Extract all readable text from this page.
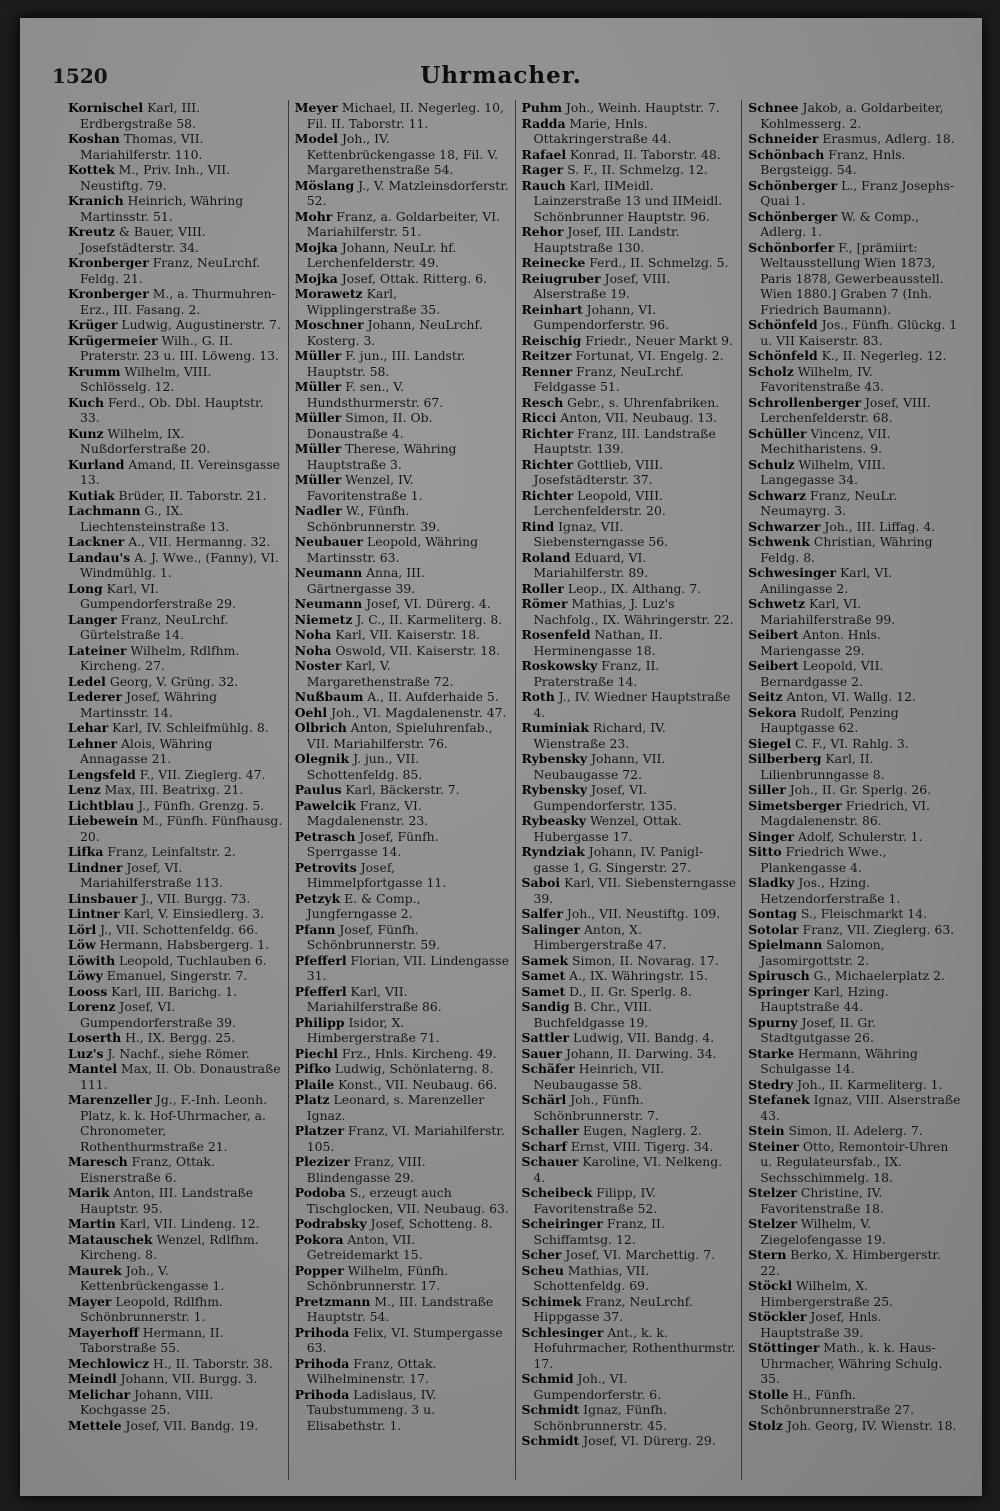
1520	Uhrmacher.
Kornischel Karl, III. Erdbergstraße 58.
Koshan Thomas, VII. Mariahilferstr. 110.
Kottek M., Priv. Inh., VII. Neustiftg. 79.
Kranich Heinrich, Währing Martinsstr. 51.
Kreutz & Bauer, VIII. Josefstädterstr. 34.
Kronberger Franz, NeuLrchf. Feldg. 21.
Kronberger M., a. Thurmuhren-Erz., III. Fasang. 2.
Krüger Ludwig, Augustinerstr. 7.
Krügermeier Wilh., G. II. Praterstr. 23 u. III. Löweng. 13.
Krumm Wilhelm, VIII. Schlösselg. 12.
Kuch Ferd., Ob. Dbl. Hauptstr. 33.
Kunz Wilhelm, IX. Nußdorferstraße 20.
Kurland Amand, II. Vereinsgasse 13.
Kutiak Brüder, II. Taborstr. 21.
Lachmann G., IX. Liechtensteinstraße 13.
Lackner A., VII. Hermanng. 32.
Landau's A. J. Wwe., (Fanny), VI. Windmühlg. 1.
Long Karl, VI. Gumpendorferstraße 29.
Langer Franz, NeuLrchf. Gürtelstraße 14.
Lateiner Wilhelm, Rdlfhm. Kircheng. 27.
Ledel Georg, V. Grüng. 32.
Lederer Josef, Währing Martinsstr. 14.
Lehar Karl, IV. Schleifmühlg. 8.
Lehner Alois, Währing Annagasse 21.
Lengsfeld F., VII. Zieglerg. 47.
Lenz Max, III. Beatrixg. 21.
Lichtblau J., Fünfh. Grenzg. 5.
Liebewein M., Fünfh. Fünfhausg. 20.
Lifka Franz, Leinfaltstr. 2.
Lindner Josef, VI. Mariahilferstraße 113.
Linsbauer J., VII. Burgg. 73.
Lintner Karl, V. Einsiedlerg. 3.
Lörl J., VII. Schottenfeldg. 66.
Löw Hermann, Habsbergerg. 1.
Löwith Leopold, Tuchlauben 6.
Löwy Emanuel, Singerstr. 7.
Looss Karl, III. Barichg. 1.
Lorenz Josef, VI. Gumpendorferstraße 39.
Loserth H., IX. Bergg. 25.
Luz's J. Nachf., siehe Römer.
Mantel Max, II. Ob. Donaustraße 111.
Marenzeller Jg., F.-Inh. Leonh. Platz, k. k. Hof-Uhrmacher, a. Chronometer, Rothenthurmstraße 21.
Maresch Franz, Ottak. Eisnerstraße 6.
Marik Anton, III. Landstraße Hauptstr. 95.
Martin Karl, VII. Lindeng. 12.
Matauschek Wenzel, Rdlfhm. Kircheng. 8.
Maurek Joh., V. Kettenbrückengasse 1.
Mayer Leopold, Rdlfhm. Schönbrunnerstr. 1.
Mayerhoff Hermann, II. Taborstraße 55.
Mechlowicz H., II. Taborstr. 38.
Meindl Johann, VII. Burgg. 3.
Melichar Johann, VIII. Kochgasse 25.
Mettele Josef, VII. Bandg. 19.
Meyer Michael, II. Negerleg. 10, Fil. II. Taborstr. 11.
Model Joh., IV. Kettenbrückengasse 18, Fil. V. Margarethenstraße 54.
Möslang J., V. Matzleinsdorferstr. 52.
Mohr Franz, a. Goldarbeiter, VI. Mariahilferstr. 51.
Mojka Johann, NeuLr. hf. Lerchenfelderstr. 49.
Mojka Josef, Ottak. Ritterg. 6.
Morawetz Karl, Wipplingerstraße 35.
Moschner Johann, NeuLrchf. Kosterg. 3.
Müller F. jun., III. Landstr. Hauptstr. 58.
Müller F. sen., V. Hundsthurmerstr. 67.
Müller Simon, II. Ob. Donaustraße 4.
Müller Therese, Währing Hauptstraße 3.
Müller Wenzel, IV. Favoritenstraße 1.
Nadler W., Fünfh. Schönbrunnerstr. 39.
Neubauer Leopold, Währing Martinsstr. 63.
Neumann Anna, III. Gärtnergasse 39.
Neumann Josef, VI. Dürerg. 4.
Niemetz J. C., II. Karmeliterg. 8.
Noha Karl, VII. Kaiserstr. 18.
Noha Oswold, VII. Kaiserstr. 18.
Noster Karl, V. Margarethenstraße 72.
Nußbaum A., II. Aufderhaide 5.
Oehl Joh., VI. Magdalenenstr. 47.
Olbrich Anton, Spieluhrenfab., VII. Mariahilferstr. 76.
Olegnik J. jun., VII. Schottenfeldg. 85.
Paulus Karl, Bäckerstr. 7.
Pawelcik Franz, VI. Magdalenenstr. 23.
Petrasch Josef, Fünfh. Sperrgasse 14.
Petrovits Josef, Himmelpfortgasse 11.
Petzyk E. & Comp., Jungferngasse 2.
Pfann Josef, Fünfh. Schönbrunnerstr. 59.
Pfefferl Florian, VII. Lindengasse 31.
Pfefferl Karl, VII. Mariahilferstraße 86.
Philipp Isidor, X. Himbergerstraße 71.
Piechl Frz., Hnls. Kircheng. 49.
Pifko Ludwig, Schönlaterng. 8.
Plaile Konst., VII. Neubaug. 66.
Platz Leonard, s. Marenzeller Ignaz.
Platzer Franz, VI. Mariahilferstr. 105.
Plezizer Franz, VIII. Blindengasse 29.
Podoba S., erzeugt auch Tischglocken, VII. Neubaug. 63.
Podrabsky Josef, Schotteng. 8.
Pokora Anton, VII. Getreidemarkt 15.
Popper Wilhelm, Fünfh. Schönbrunnerstr. 17.
Pretzmann M., III. Landstraße Hauptstr. 54.
Prihoda Felix, VI. Stumpergasse 63.
Prihoda Franz, Ottak. Wilhelminenstr. 17.
Prihoda Ladislaus, IV. Taubstummeng. 3 u. Elisabethstr. 1.
Puhm Joh., Weinh. Hauptstr. 7.
Radda Marie, Hnls. Ottakringerstraße 44.
Rafael Konrad, II. Taborstr. 48.
Rager S. F., II. Schmelzg. 12.
Rauch Karl, IIMeidl. Lainzerstraße 13 und IIMeidl. Schönbrunner Hauptstr. 96.
Rehor Josef, III. Landstr. Hauptstraße 130.
Reinecke Ferd., II. Schmelzg. 5.
Reiugruber Josef, VIII. Alserstraße 19.
Reinhart Johann, VI. Gumpendorferstr. 96.
Reischig Friedr., Neuer Markt 9.
Reitzer Fortunat, VI. Engelg. 2.
Renner Franz, NeuLrchf. Feldgasse 51.
Resch Gebr., s. Uhrenfabriken.
Ricci Anton, VII. Neubaug. 13.
Richter Franz, III. Landstraße Hauptstr. 139.
Richter Gottlieb, VIII. Josefstädterstr. 37.
Richter Leopold, VIII. Lerchenfelderstr. 20.
Rind Ignaz, VII. Siebensterngasse 56.
Roland Eduard, VI. Mariahilferstr. 89.
Roller Leop., IX. Althang. 7.
Römer Mathias, J. Luz's Nachfolg., IX. Währingerstr. 22.
Rosenfeld Nathan, II. Herminengasse 18.
Roskowsky Franz, II. Praterstraße 14.
Roth J., IV. Wiedner Hauptstraße 4.
Ruminiak Richard, IV. Wienstraße 23.
Rybensky Johann, VII. Neubaugasse 72.
Rybensky Josef, VI. Gumpendorferstr. 135.
Rybeasky Wenzel, Ottak. Hubergasse 17.
Ryndziak Johann, IV. Panigl-gasse 1, G. Singerstr. 27.
Saboi Karl, VII. Siebensterngasse 39.
Salfer Joh., VII. Neustiftg. 109.
Salinger Anton, X. Himbergerstraße 47.
Samek Simon, II. Novarag. 17.
Samet A., IX. Währingstr. 15.
Samet D., II. Gr. Sperlg. 8.
Sandig B. Chr., VIII. Buchfeldgasse 19.
Sattler Ludwig, VII. Bandg. 4.
Sauer Johann, II. Darwing. 34.
Schäfer Heinrich, VII. Neubaugasse 58.
Schärl Joh., Fünfh. Schönbrunnerstr. 7.
Schaller Eugen, Naglerg. 2.
Scharf Ernst, VIII. Tigerg. 34.
Schauer Karoline, VI. Nelkeng. 4.
Scheibeck Filipp, IV. Favoritenstraße 52.
Scheiringer Franz, II. Schiffamtsg. 12.
Scher Josef, VI. Marchettig. 7.
Scheu Mathias, VII. Schottenfeldg. 69.
Schimek Franz, NeuLrchf. Hippgasse 37.
Schlesinger Ant., k. k. Hofuhrmacher, Rothenthurmstr. 17.
Schmid Joh., VI. Gumpendorferstr. 6.
Schmidt Ignaz, Fünfh. Schönbrunnerstr. 45.
Schmidt Josef, VI. Dürerg. 29.
Schnee Jakob, a. Goldarbeiter, Kohlmesserg. 2.
Schneider Erasmus, Adlerg. 18.
Schönbach Franz, Hnls. Bergsteigg. 54.
Schönberger L., Franz Josephs-Quai 1.
Schönberger W. & Comp., Adlerg. 1.
Schönborfer F., [prämiirt: Weltausstellung Wien 1873, Paris 1878, Gewerbeausstell. Wien 1880.] Graben 7 (Inh. Friedrich Baumann).
Schönfeld Jos., Fünfh. Glückg. 1 u. VII Kaiserstr. 83.
Schönfeld K., II. Negerleg. 12.
Scholz Wilhelm, IV. Favoritenstraße 43.
Schrollenberger Josef, VIII. Lerchenfelderstr. 68.
Schüller Vincenz, VII. Mechitharistens. 9.
Schulz Wilhelm, VIII. Langegasse 34.
Schwarz Franz, NeuLr. Neumayrg. 3.
Schwarzer Joh., III. Liffag. 4.
Schwenk Christian, Währing Feldg. 8.
Schwesinger Karl, VI. Anilingasse 2.
Schwetz Karl, VI. Mariahilferstraße 99.
Seibert Anton. Hnls. Mariengasse 29.
Seibert Leopold, VII. Bernardgasse 2.
Seitz Anton, VI. Wallg. 12.
Sekora Rudolf, Penzing Hauptgasse 62.
Siegel C. F., VI. Rahlg. 3.
Silberberg Karl, II. Lilienbrunngasse 8.
Siller Joh., II. Gr. Sperlg. 26.
Simetsberger Friedrich, VI. Magdalenenstr. 86.
Singer Adolf, Schulerstr. 1.
Sitto Friedrich Wwe., Plankengasse 4.
Sladky Jos., Hzing. Hetzendorferstraße 1.
Sontag S., Fleischmarkt 14.
Sotolar Franz, VII. Zieglerg. 63.
Spielmann Salomon, Jasomirgottstr. 2.
Spirusch G., Michaelerplatz 2.
Springer Karl, Hzing. Hauptstraße 44.
Spurny Josef, II. Gr. Stadtgutgasse 26.
Starke Hermann, Währing Schulgasse 14.
Stedry Joh., II. Karmeliterg. 1.
Stefanek Ignaz, VIII. Alserstraße 43.
Stein Simon, II. Adelerg. 7.
Steiner Otto, Remontoir-Uhren u. Regulateursfab., IX. Sechsschimmelg. 18.
Stelzer Christine, IV. Favoritenstraße 18.
Stelzer Wilhelm, V. Ziegelofengasse 19.
Stern Berko, X. Himbergerstr. 22.
Stöckl Wilhelm, X. Himbergerstraße 25.
Stöckler Josef, Hnls. Hauptstraße 39.
Stöttinger Math., k. k. Haus-Uhrmacher, Währing Schulg. 35.
Stolle H., Fünfh. Schönbrunnerstraße 27.
Stolz Joh. Georg, IV. Wienstr. 18.
